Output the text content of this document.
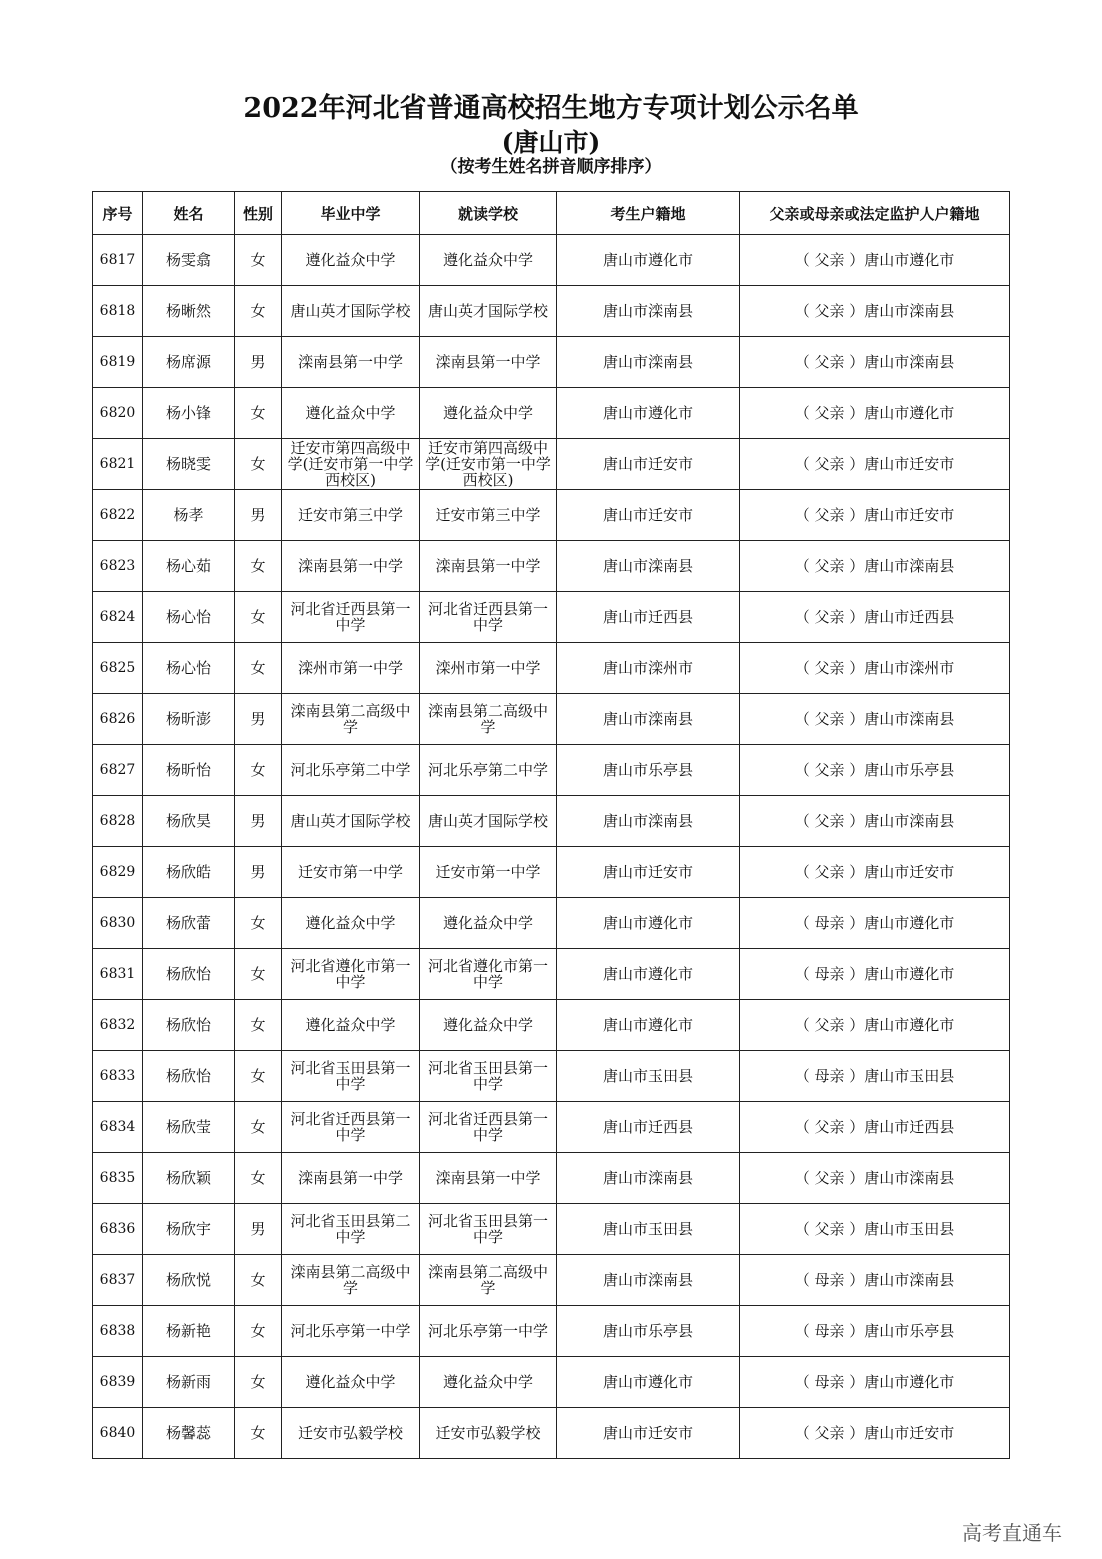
2022年河北省普通高校招生地方专项计划公示名单
(唐山市)
（按考生姓名拼音顺序排序）
序号	姓名	性别	毕业中学	就读学校	考生户籍地	父亲或母亲或法定监护人户籍地
6817	杨雯翕	女	遵化益众中学	遵化益众中学	唐山市遵化市	（ 父亲 ）唐山市遵化市
6818	杨晰然	女	唐山英才国际学校	唐山英才国际学校	唐山市滦南县	（ 父亲 ）唐山市滦南县
6819	杨席源	男	滦南县第一中学	滦南县第一中学	唐山市滦南县	（ 父亲 ）唐山市滦南县
6820	杨小锋	女	遵化益众中学	遵化益众中学	唐山市遵化市	（ 父亲 ）唐山市遵化市
6821	杨晓雯	女	迁安市第四高级中学(迁安市第一中学西校区)	迁安市第四高级中学(迁安市第一中学西校区)	唐山市迁安市	（ 父亲 ）唐山市迁安市
6822	杨孝	男	迁安市第三中学	迁安市第三中学	唐山市迁安市	（ 父亲 ）唐山市迁安市
6823	杨心茹	女	滦南县第一中学	滦南县第一中学	唐山市滦南县	（ 父亲 ）唐山市滦南县
6824	杨心怡	女	河北省迁西县第一中学	河北省迁西县第一中学	唐山市迁西县	（ 父亲 ）唐山市迁西县
6825	杨心怡	女	滦州市第一中学	滦州市第一中学	唐山市滦州市	（ 父亲 ）唐山市滦州市
6826	杨昕澎	男	滦南县第二高级中学	滦南县第二高级中学	唐山市滦南县	（ 父亲 ）唐山市滦南县
6827	杨昕怡	女	河北乐亭第二中学	河北乐亭第二中学	唐山市乐亭县	（ 父亲 ）唐山市乐亭县
6828	杨欣昊	男	唐山英才国际学校	唐山英才国际学校	唐山市滦南县	（ 父亲 ）唐山市滦南县
6829	杨欣皓	男	迁安市第一中学	迁安市第一中学	唐山市迁安市	（ 父亲 ）唐山市迁安市
6830	杨欣蕾	女	遵化益众中学	遵化益众中学	唐山市遵化市	（ 母亲 ）唐山市遵化市
6831	杨欣怡	女	河北省遵化市第一中学	河北省遵化市第一中学	唐山市遵化市	（ 母亲 ）唐山市遵化市
6832	杨欣怡	女	遵化益众中学	遵化益众中学	唐山市遵化市	（ 父亲 ）唐山市遵化市
6833	杨欣怡	女	河北省玉田县第一中学	河北省玉田县第一中学	唐山市玉田县	（ 母亲 ）唐山市玉田县
6834	杨欣莹	女	河北省迁西县第一中学	河北省迁西县第一中学	唐山市迁西县	（ 父亲 ）唐山市迁西县
6835	杨欣颖	女	滦南县第一中学	滦南县第一中学	唐山市滦南县	（ 父亲 ）唐山市滦南县
6836	杨欣宇	男	河北省玉田县第二中学	河北省玉田县第一中学	唐山市玉田县	（ 父亲 ）唐山市玉田县
6837	杨欣悦	女	滦南县第二高级中学	滦南县第二高级中学	唐山市滦南县	（ 母亲 ）唐山市滦南县
6838	杨新艳	女	河北乐亭第一中学	河北乐亭第一中学	唐山市乐亭县	（ 母亲 ）唐山市乐亭县
6839	杨新雨	女	遵化益众中学	遵化益众中学	唐山市遵化市	（ 母亲 ）唐山市遵化市
6840	杨馨蕊	女	迁安市弘毅学校	迁安市弘毅学校	唐山市迁安市	（ 父亲 ）唐山市迁安市
高考直通车
